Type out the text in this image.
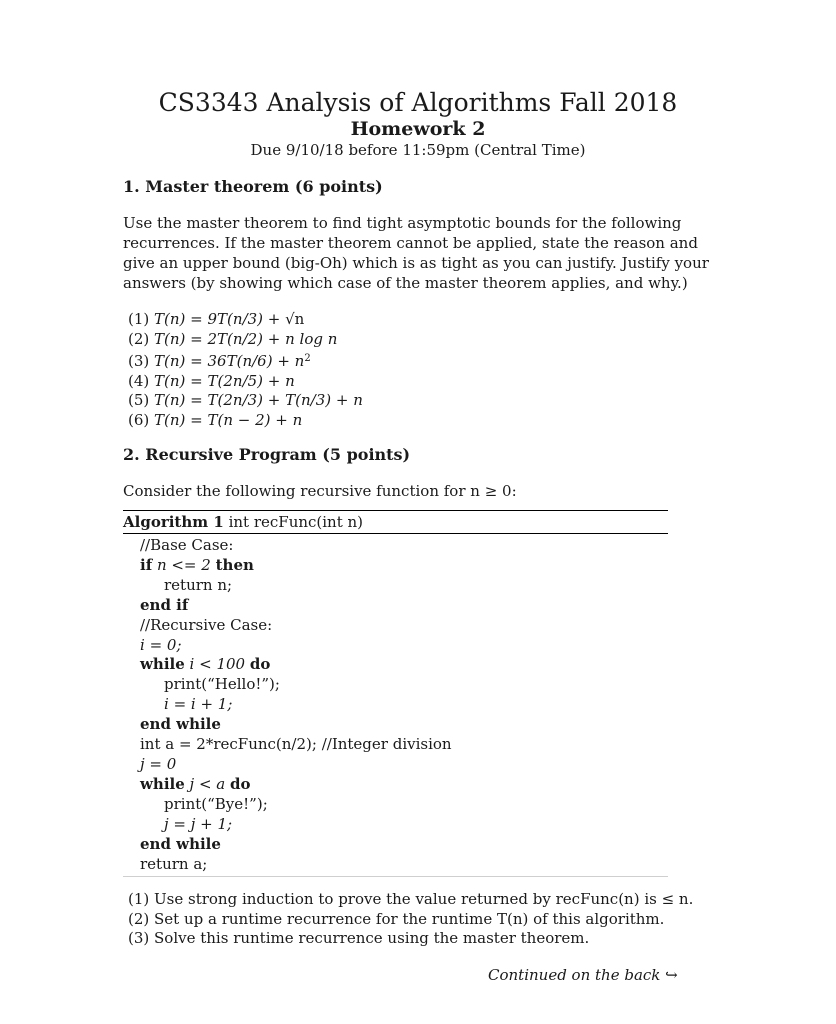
CS3343 Analysis of Algorithms Fall 2018
Homework 2
Due 9/10/18 before 11:59pm (Central Time)
1. Master theorem (6 points)
Use the master theorem to find tight asymptotic bounds for the following
recurrences. If the master theorem cannot be applied, state the reason and
give an upper bound (big-Oh) which is as tight as you can justify. Justify your
answers (by showing which case of the master theorem applies, and why.)
(1) T(n) = 9T(n/3) + √n
(2) T(n) = 2T(n/2) + n log n
(3) $T(n) = 36T(n/6) + n^2$
(4) T(n) = T(2n/5) + n
(5) T(n) = T(2n/3) + T(n/3) + n
(6) T(n) = T(n − 2) + n
2. Recursive Program (5 points)
Consider the following recursive function for n ≥ 0:
Algorithm 1 int recFunc(int n)
//Base Case:
if n <= 2 then
return n;
end if
//Recursive Case:
i = 0;
while i < 100 do
print(“Hello!”);
i = i + 1;
end while
int a = 2*recFunc(n/2); //Integer division
j = 0
while j < a do
print(“Bye!”);
j = j + 1;
end while
return a;
(1) Use strong induction to prove the value returned by recFunc(n) is ≤ n.
(2) Set up a runtime recurrence for the runtime T(n) of this algorithm.
(3) Solve this runtime recurrence using the master theorem.
Continued on the back ↪
